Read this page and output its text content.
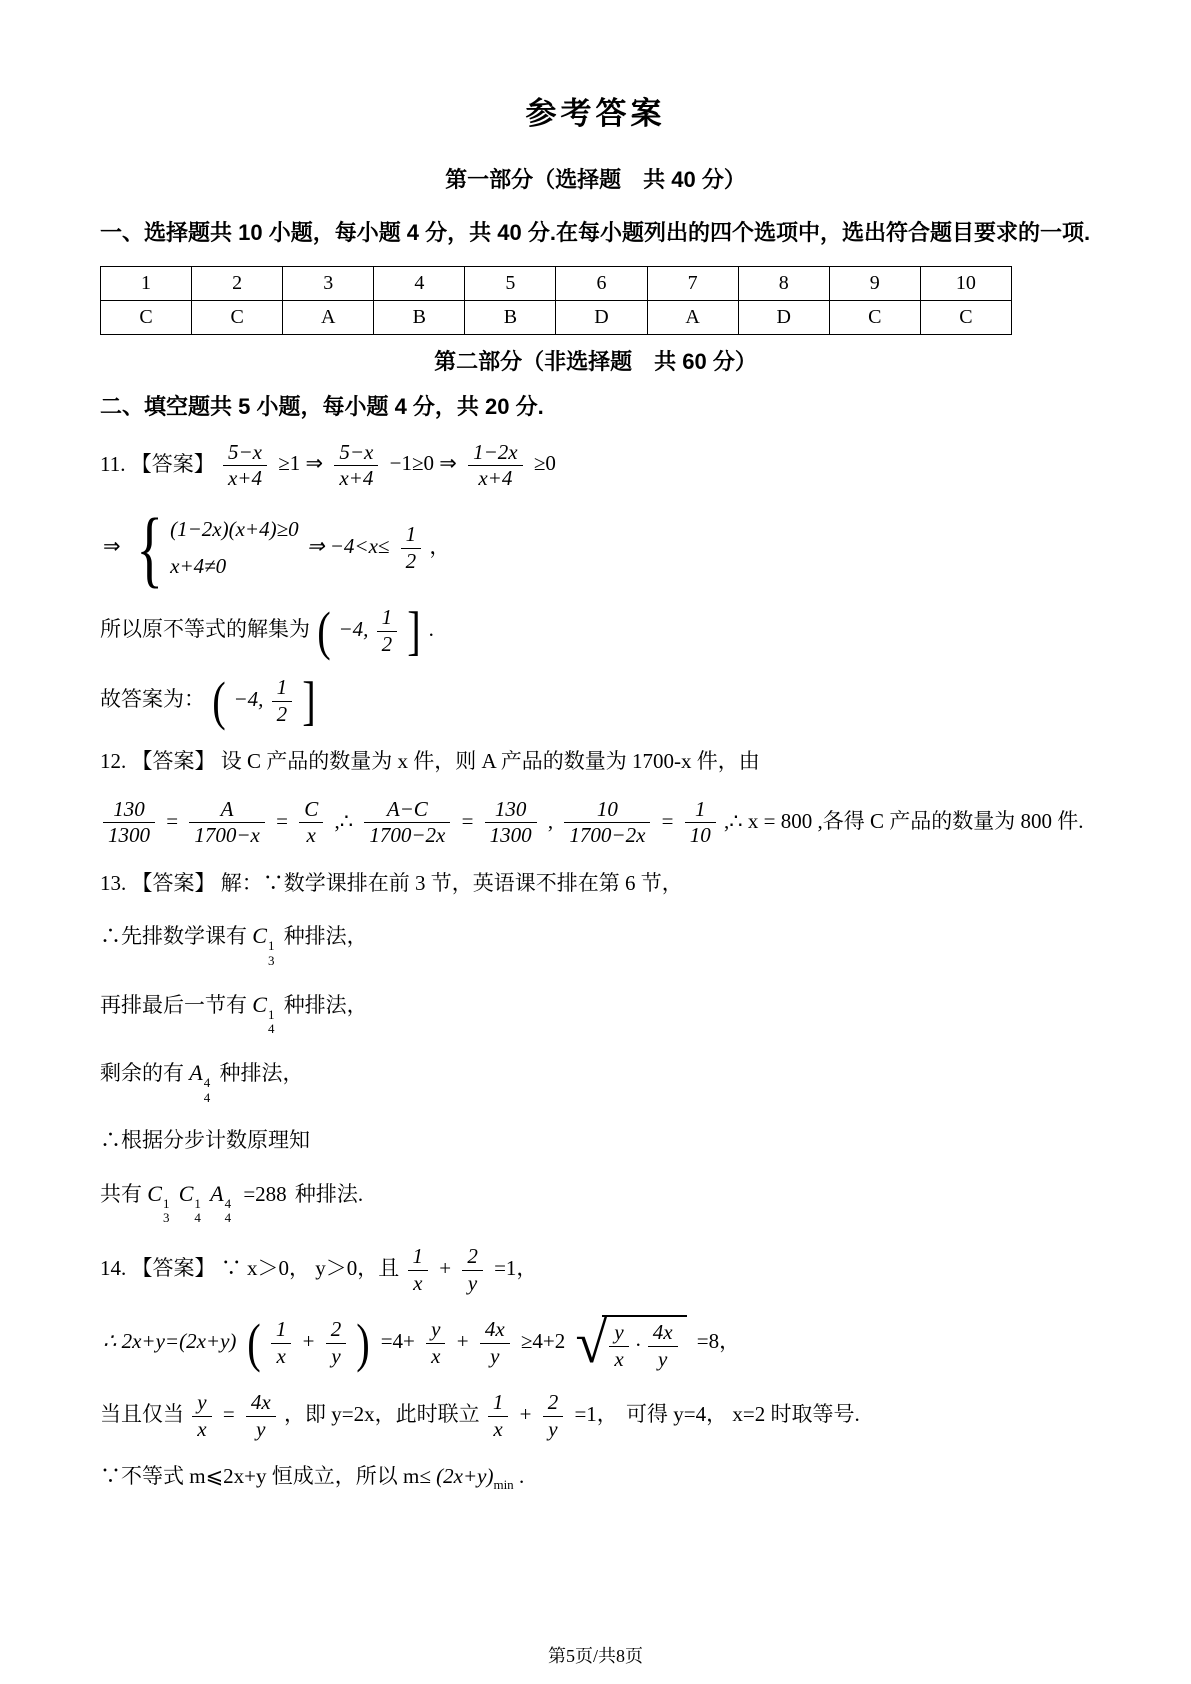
参考答案
第一部分（选择题　共 40 分）

一、选择题共 10 小题，每小题 4 分，共 40 分.在每小题列出的四个选项中，选出符合题目要求的一项.

1	2	3	4	5	6	7	8	9	10
C	C	A	B	B	D	A	D	C	C
第二部分（非选择题　共 60 分）

二、填空题共 5 小题，每小题 4 分，共 20 分.

11. 【答案】 $\frac{5-x}{x+4} \ge 1$ ⇒ $\frac{5-x}{x+4} -1\ge 0$ ⇒ $\frac{1-2x}{x+4} \ge 0$
⇒ { (1−2x)(x+4)≥0
x+4≠0
⇒ $-4<x\le \frac{1}{2}$ ，
所以原不等式的解集为 ( −4, $\frac{1}{2}$ ] .
故答案为： ( −4, $\frac{1}{2}$ ]
12. 【答案】 设 C 产品的数量为 x 件，则 A 产品的数量为 1700-x 件，由
$\frac{130}{1300} = \frac{A}{1700-x} = \frac{C}{x}$ ,∴ $\frac{A-C}{1700-2x} = \frac{130}{1300}$ , $\frac{10}{1700-2x} = \frac{1}{10}$ ,∴ x = 800 ,各得 C 产品的数量为 800 件.
13. 【答案】 解：∵数学课排在前 3 节，英语课不排在第 6 节，
∴先排数学课有 C 1
3
种排法，
再排最后一节有 C 1
4
种排法，
剩余的有 A 4
4
种排法，
∴根据分步计数原理知
共有 C 1
3
C 1
4
A 4
4
=288 种排法.
14. 【答案】 ∵ x＞0， y＞0，且 $\frac{1}{x} + \frac{2}{y} =1$，
∴ 2x+y=(2x+y) ( $\frac{1}{x} + \frac{2}{y}$ ) $=4+ \frac{y}{x} + \frac{4x}{y} \ge 4+2$ √ $\frac{y}{x} \cdot \frac{4x}{y} =8$，
当且仅当 $\frac{y}{x} = \frac{4x}{y}$ ，即 y=2x，此时联立 $\frac{1}{x} + \frac{2}{y} =1$， 可得 y=4， x=2 时取等号.
∵不等式 m⩽2x+y 恒成立，所以 $m\le (2x+y)_{min}$ .
第5页/共8页
